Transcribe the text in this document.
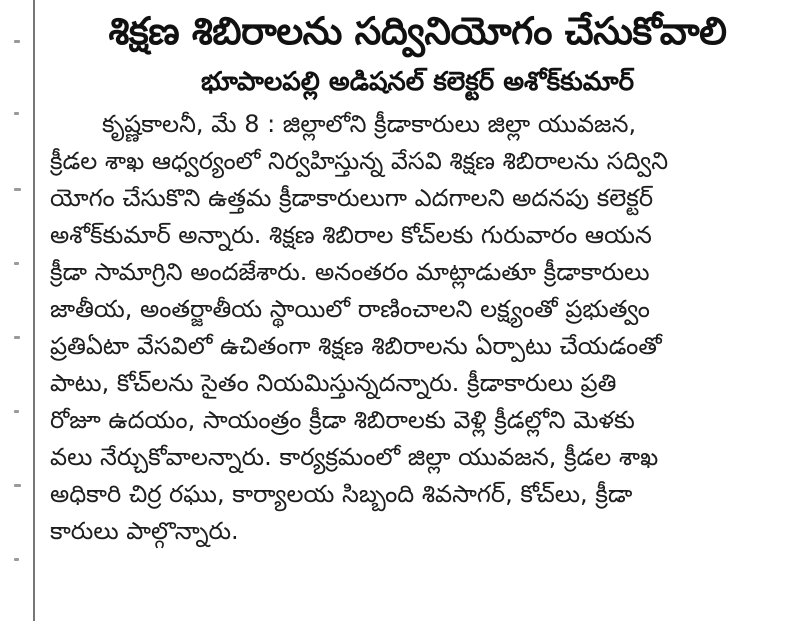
శిక్షణ శిబిరాలను సద్వినియోగం చేసుకోవాలి
భూపాలపల్లి అడిషనల్ కలెక్టర్ అశోక్‌కుమార్
కృష్ణకాలనీ, మే 8 : జిల్లాలోని క్రీడాకారులు జిల్లా యువజన,
క్రీడల శాఖ ఆధ్వర్యంలో నిర్వహిస్తున్న వేసవి శిక్షణ శిబిరాలను సద్విని
యోగం చేసుకొని ఉత్తమ క్రీడాకారులుగా ఎదగాలని అదనపు కలెక్టర్
అశోక్‌కుమార్ అన్నారు. శిక్షణ శిబిరాల కోచ్‌లకు గురువారం ఆయన
క్రీడా సామాగ్రిని అందజేశారు. అనంతరం మాట్లాడుతూ క్రీడాకారులు
జాతీయ, అంతర్జాతీయ స్థాయిలో రాణించాలని లక్ష్యంతో ప్రభుత్వం
ప్రతిఏటా వేసవిలో ఉచితంగా శిక్షణ శిబిరాలను ఏర్పాటు చేయడంతో
పాటు, కోచ్‌లను సైతం నియమిస్తున్నదన్నారు. క్రీడాకారులు ప్రతి
రోజూ ఉదయం, సాయంత్రం క్రీడా శిబిరాలకు వెళ్లి క్రీడల్లోని మెళకు
వలు నేర్చుకోవాలన్నారు. కార్యక్రమంలో జిల్లా యువజన, క్రీడల శాఖ
అధికారి చిర్ర రఘు, కార్యాలయ సిబ్బంది శివసాగర్, కోచ్‌లు, క్రీడా
కారులు పాల్గొన్నారు.
